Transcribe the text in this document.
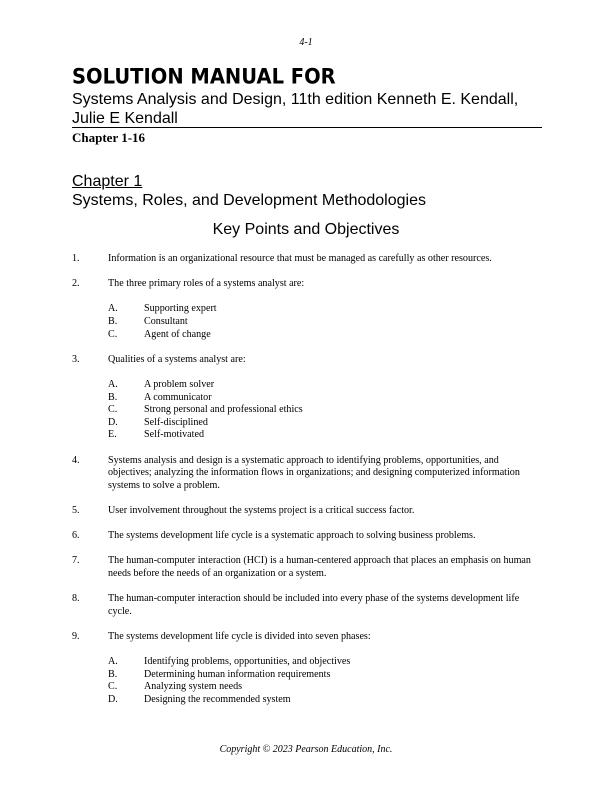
4-1
SOLUTION MANUAL FOR
Systems Analysis and Design, 11th edition Kenneth E. Kendall, Julie E Kendall
Chapter 1-16
Chapter 1
Systems, Roles, and Development Methodologies
Key Points and Objectives
1.	Information is an organizational resource that must be managed as carefully as other resources.
2.	The three primary roles of a systems analyst are:
A.	Supporting expert
B.	Consultant
C.	Agent of change
3.	Qualities of a systems analyst are:
A.	A problem solver
B.	A communicator
C.	Strong personal and professional ethics
D.	Self-disciplined
E.	Self-motivated
4.	Systems analysis and design is a systematic approach to identifying problems, opportunities, and objectives; analyzing the information flows in organizations; and designing computerized information systems to solve a problem.
5.	User involvement throughout the systems project is a critical success factor.
6.	The systems development life cycle is a systematic approach to solving business problems.
7.	The human-computer interaction (HCI) is a human-centered approach that places an emphasis on human needs before the needs of an organization or a system.
8.	The human-computer interaction should be included into every phase of the systems development life cycle.
9.	The systems development life cycle is divided into seven phases:
A.	Identifying problems, opportunities, and objectives
B.	Determining human information requirements
C.	Analyzing system needs
D.	Designing the recommended system
Copyright © 2023 Pearson Education, Inc.
